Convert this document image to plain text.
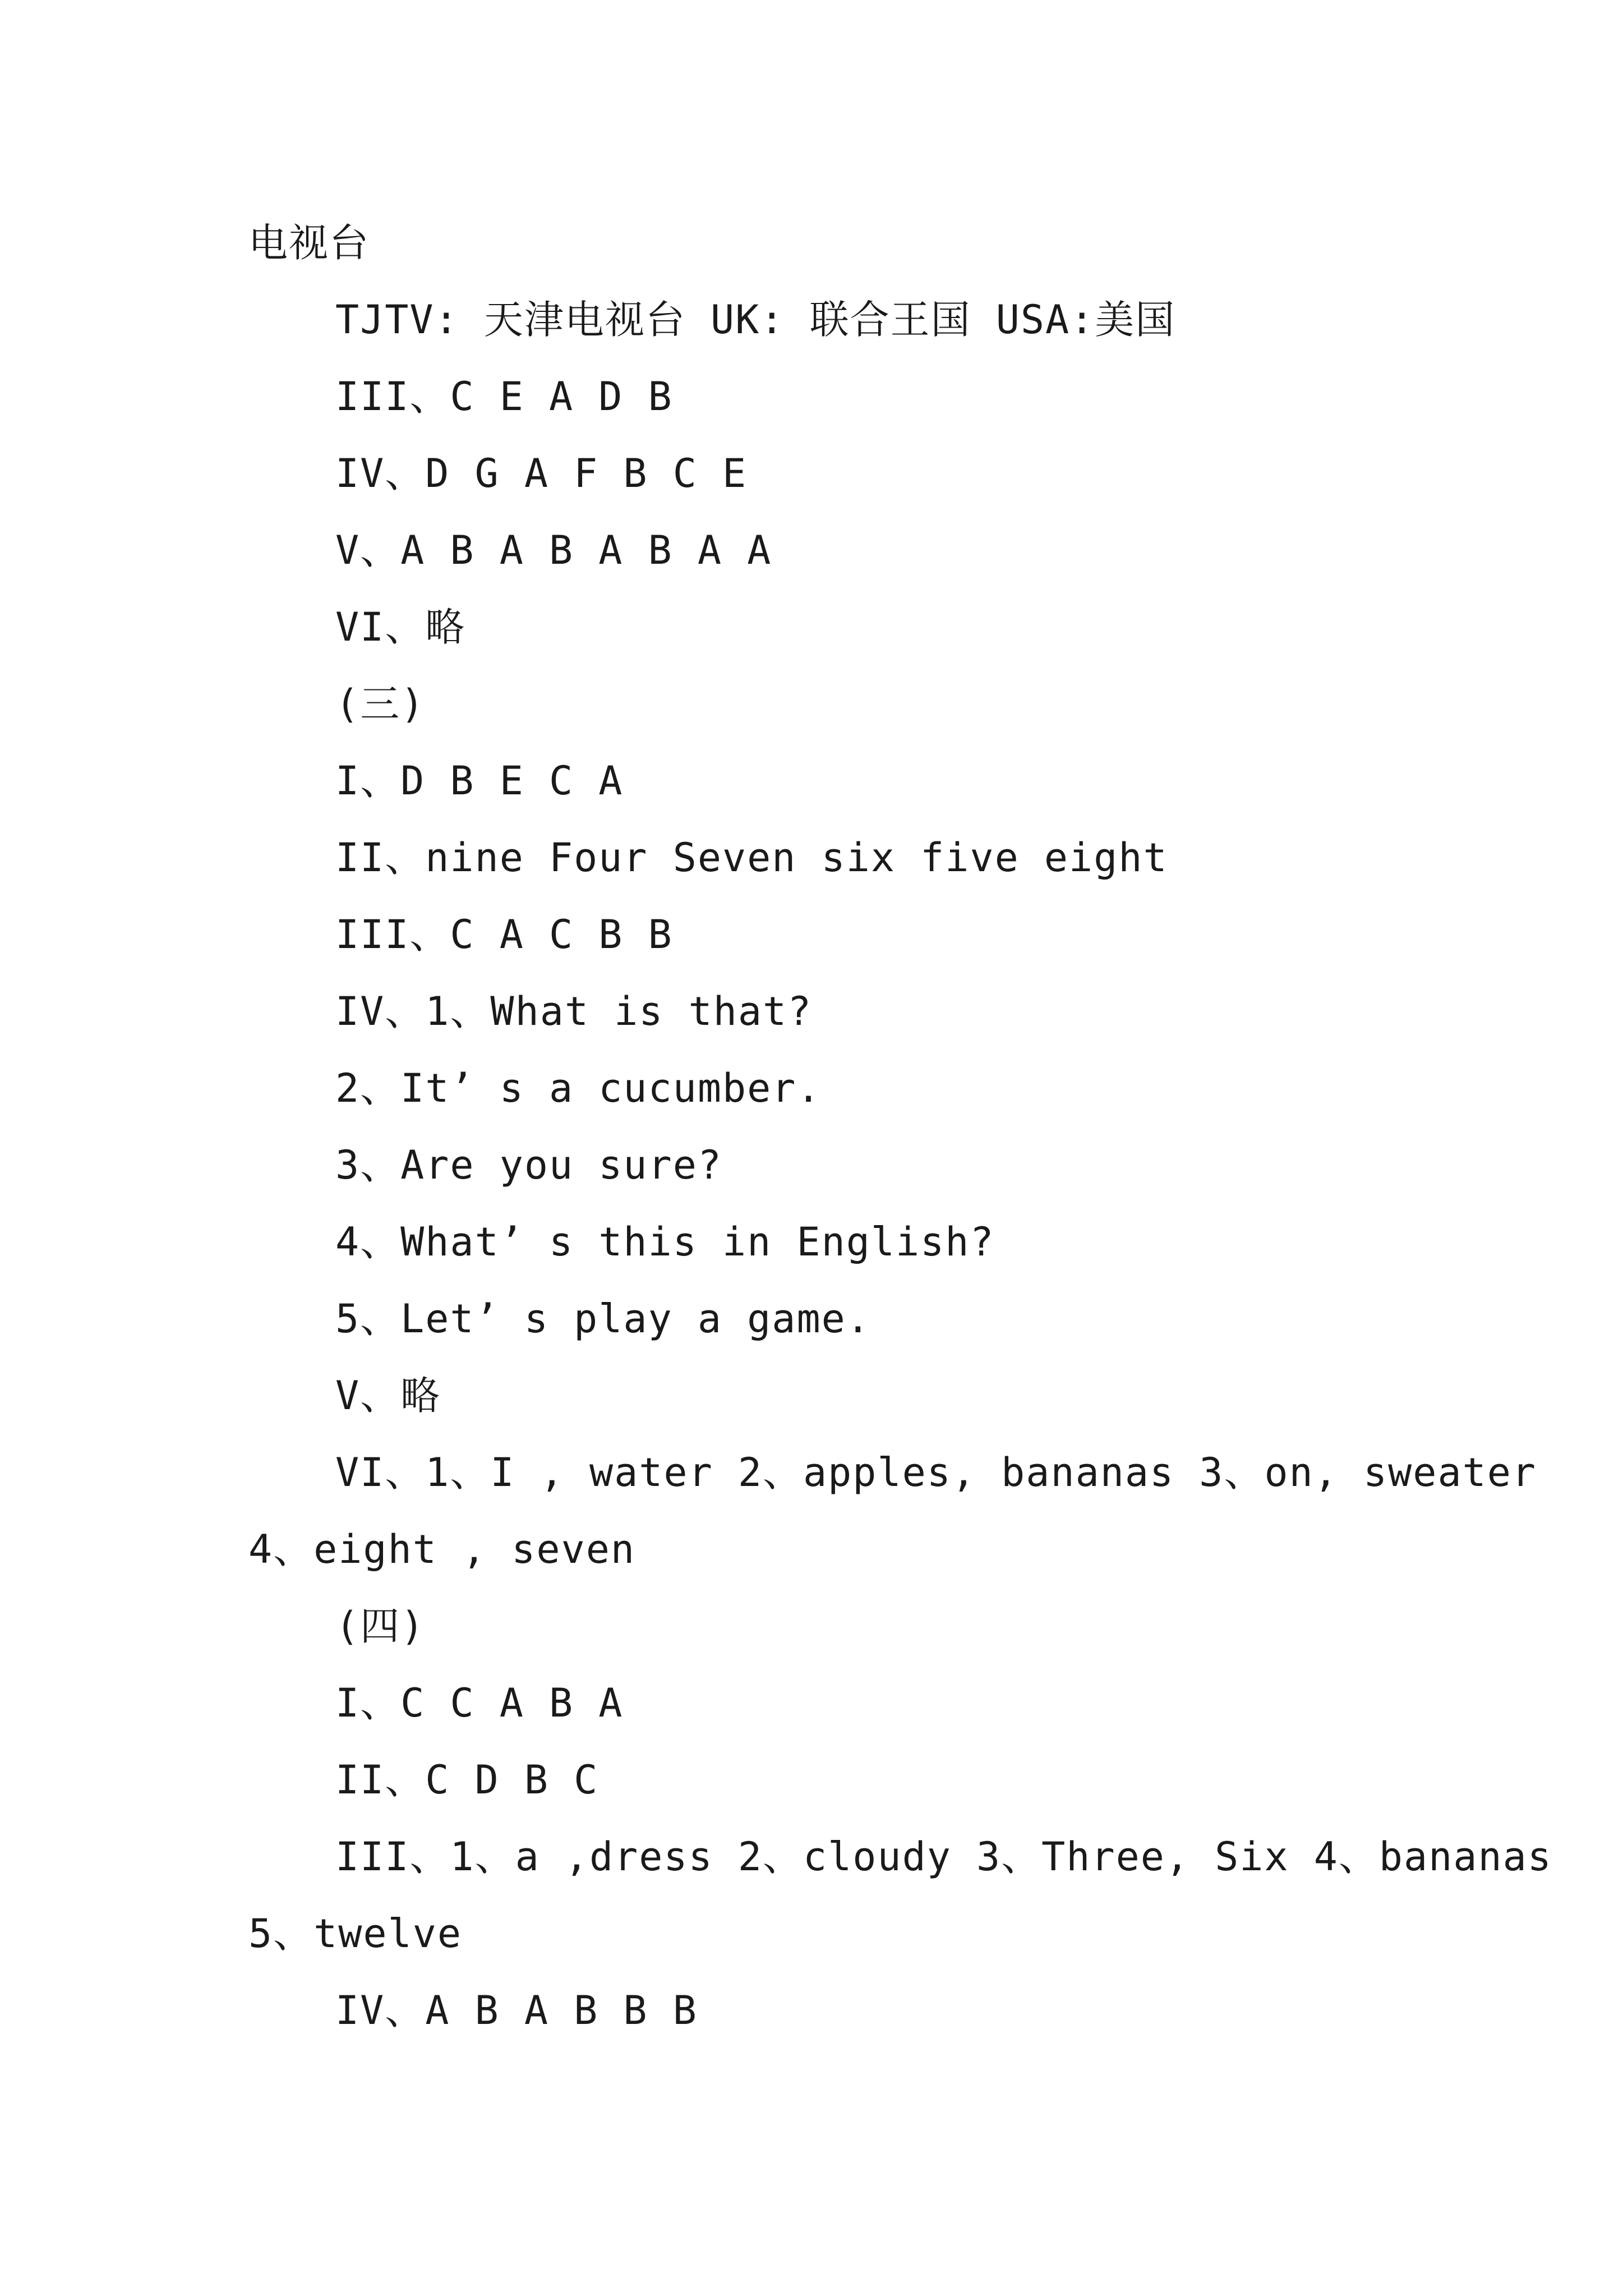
电视台
TJTV: 天津电视台 UK: 联合王国 USA:美国
III、C E A D B
IV、D G A F B C E
V、A B A B A B A A
VI、略
(三)
I、D B E C A
II、nine Four Seven six five eight
III、C A C B B
IV、1、What is that?
2、It’ s a cucumber.
3、Are you sure?
4、What’ s this in English?
5、Let’ s play a game.
V、略
VI、1、I , water 2、apples, bananas 3、on, sweater
4、eight , seven
(四)
I、C C A B A
II、C D B C
III、1、a ,dress 2、cloudy 3、Three, Six 4、bananas
5、twelve
IV、A B A B B B
